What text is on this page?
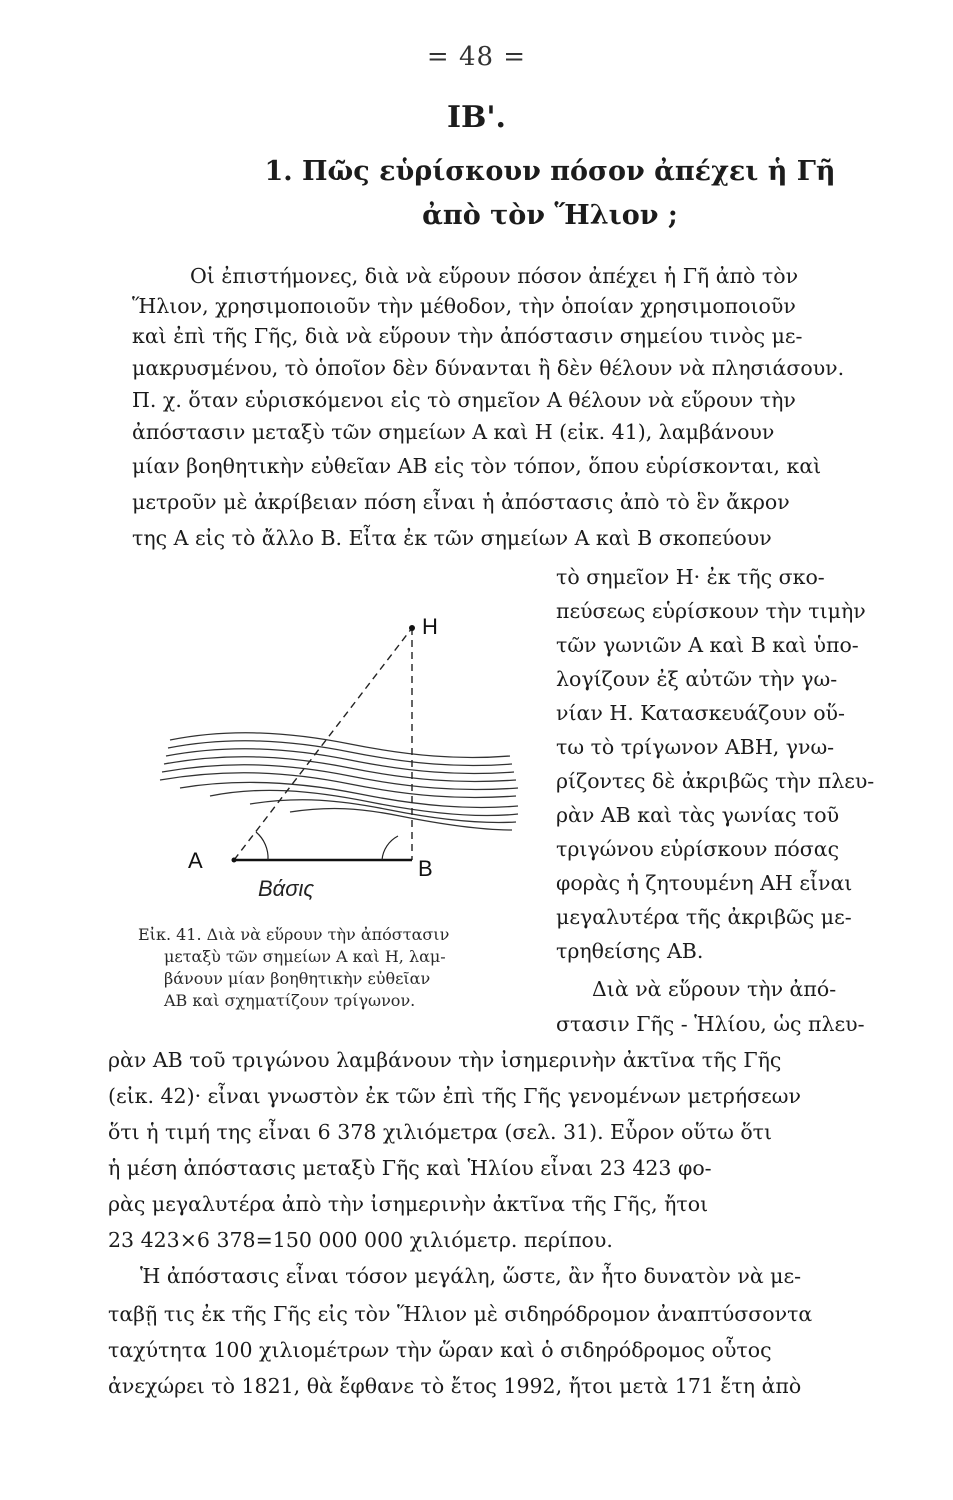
= 48 =
IB'.
1. Πῶς εὑρίσκουν πόσον ἀπέχει ἡ Γῆ
ἀπὸ τὸν Ἥλιον ;
Οἱ ἐπιστήμονες, διὰ νὰ εὕρουν πόσον ἀπέχει ἡ Γῆ ἀπὸ τὸν
Ἥλιον, χρησιμοποιοῦν τὴν μέθοδον, τὴν ὁποίαν χρησιμοποιοῦν
καὶ ἐπὶ τῆς Γῆς, διὰ νὰ εὕρουν τὴν ἀπόστασιν σημείου τινὸς με-
μακρυσμένου, τὸ ὁποῖον δὲν δύνανται ἢ δὲν θέλουν νὰ πλησιάσουν.
Π. χ. ὅταν εὑρισκόμενοι εἰς τὸ σημεῖον Α θέλουν νὰ εὕρουν τὴν
ἀπόστασιν μεταξὺ τῶν σημείων Α καὶ Η (εἰκ. 41), λαμβάνουν
μίαν βοηθητικὴν εὐθεῖαν ΑΒ εἰς τὸν τόπον, ὅπου εὑρίσκονται, καὶ
μετροῦν μὲ ἀκρίβειαν πόση εἶναι ἡ ἀπόστασις ἀπὸ τὸ ἓν ἄκρον
της Α εἰς τὸ ἄλλο Β. Εἶτα ἐκ τῶν σημείων Α καὶ Β σκοπεύουν
τὸ σημεῖον Η· ἐκ τῆς σκο-
πεύσεως εὑρίσκουν τὴν τιμὴν
τῶν γωνιῶν Α καὶ Β καὶ ὑπο-
λογίζουν ἐξ αὐτῶν τὴν γω-
νίαν Η. Κατασκευάζουν οὕ-
τω τὸ τρίγωνον ΑΒΗ, γνω-
ρίζοντες δὲ ἀκριβῶς τὴν πλευ-
ρὰν ΑΒ καὶ τὰς γωνίας τοῦ
τριγώνου εὑρίσκουν πόσας
φορὰς ἡ ζητουμένη ΑΗ εἶναι
μεγαλυτέρα τῆς ἀκριβῶς με-
τρηθείσης ΑΒ.
Διὰ νὰ εὕρουν τὴν ἀπό-
στασιν Γῆς - Ἡλίου, ὡς πλευ-
Η
Α	Β
Βάσις
Εἰκ. 41. Διὰ νὰ εὕρουν τὴν ἀπόστασιν
μεταξὺ τῶν σημείων Α καὶ Η, λαμ-
βάνουν μίαν βοηθητικὴν εὐθεῖαν
ΑΒ καὶ σχηματίζουν τρίγωνον.
ρὰν ΑΒ τοῦ τριγώνου λαμβάνουν τὴν ἰσημερινὴν ἀκτῖνα τῆς Γῆς
(εἰκ. 42)· εἶναι γνωστὸν ἐκ τῶν ἐπὶ τῆς Γῆς γενομένων μετρήσεων
ὅτι ἡ τιμή της εἶναι 6 378 χιλιόμετρα (σελ. 31). Εὗρον οὕτω ὅτι
ἡ μέση ἀπόστασις μεταξὺ Γῆς καὶ Ἡλίου εἶναι 23 423 φο-
ρὰς μεγαλυτέρα ἀπὸ τὴν ἰσημερινὴν ἀκτῖνα τῆς Γῆς, ἤτοι
23 423×6 378=150 000 000 χιλιόμετρ. περίπου.
Ἡ ἀπόστασις εἶναι τόσον μεγάλη, ὥστε, ἂν ἦτο δυνατὸν νὰ με-
ταβῇ τις ἐκ τῆς Γῆς εἰς τὸν Ἥλιον μὲ σιδηρόδρομον ἀναπτύσσοντα
ταχύτητα 100 χιλιομέτρων τὴν ὥραν καὶ ὁ σιδηρόδρομος οὗτος
ἀνεχώρει τὸ 1821, θὰ ἔφθανε τὸ ἔτος 1992, ἤτοι μετὰ 171 ἔτη ἀπὸ
